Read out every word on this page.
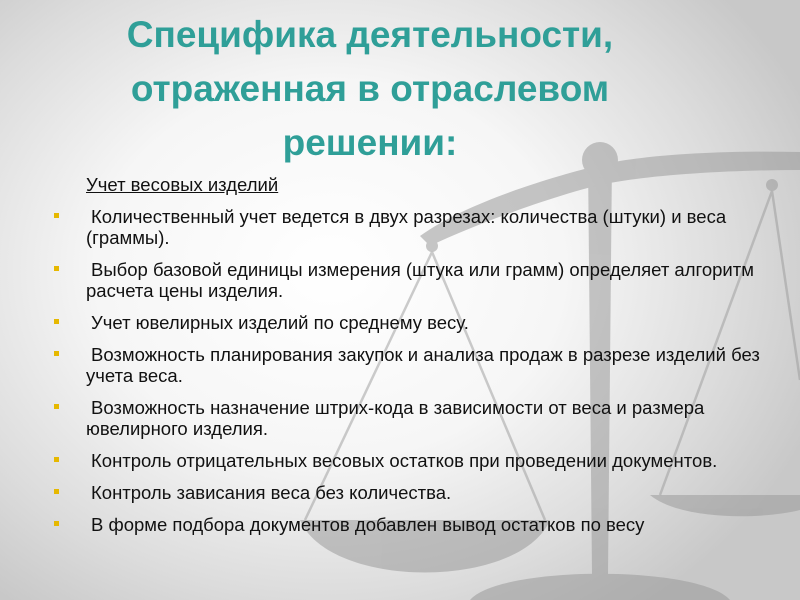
Специфика деятельности, отраженная в отраслевом решении:
Учет весовых изделий
Количественный учет ведется в двух разрезах: количества (штуки) и веса (граммы).
Выбор базовой единицы измерения (штука или грамм) определяет алгоритм расчета цены изделия.
Учет ювелирных изделий по среднему весу.
Возможность планирования закупок и анализа продаж в разрезе изделий без учета веса.
Возможность назначение штрих-кода в зависимости от веса и размера ювелирного изделия.
Контроль отрицательных весовых остатков при проведении документов.
Контроль зависания веса без количества.
В форме подбора документов добавлен вывод остатков по весу
